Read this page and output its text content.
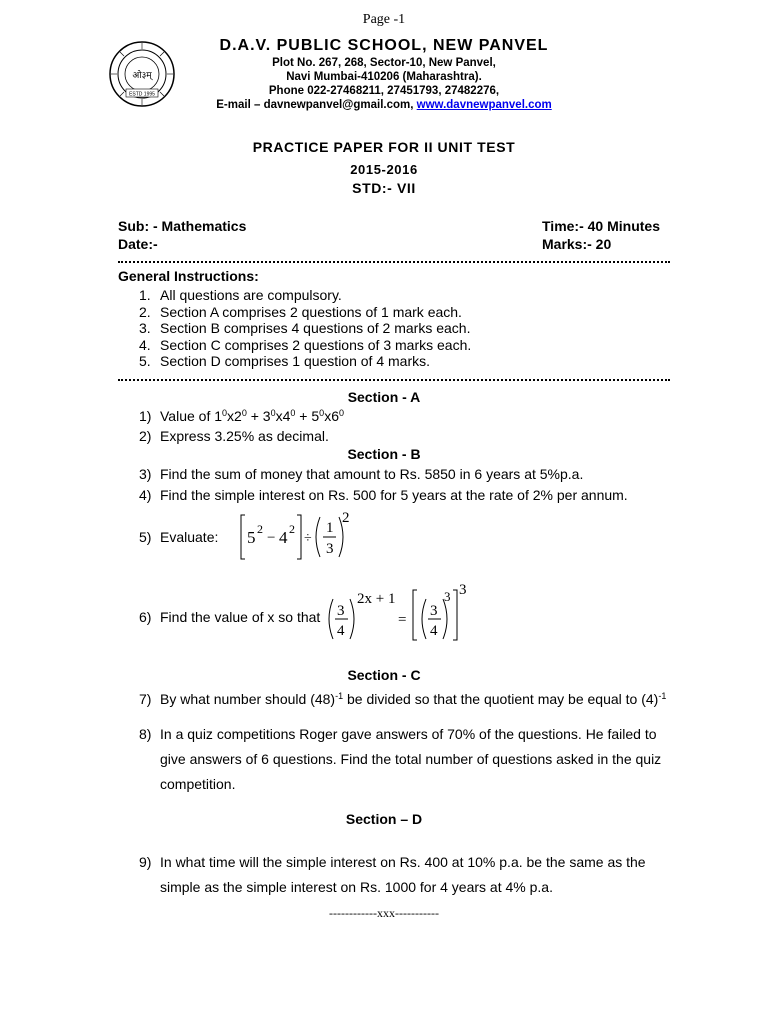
Page -1
ESTD 1995
ओ३म्
D.A.V. PUBLIC SCHOOL, NEW PANVEL
Plot No. 267, 268, Sector-10, New Panvel,
Navi Mumbai-410206 (Maharashtra).
Phone 022-27468211, 27451793, 27482276,
E-mail – davnewpanvel@gmail.com, www.davnewpanvel.com
PRACTICE PAPER FOR II UNIT TEST
2015-2016
STD:- VII
Sub: - Mathematics	Time:- 40 Minutes
Date:-	Marks:- 20
General Instructions:
1. All questions are compulsory.
2. Section A comprises 2 questions of 1 mark each.
3. Section B comprises 4 questions of 2 marks each.
4. Section C comprises 2 questions of 3 marks each.
5. Section D comprises 1 question of 4 marks.
Section - A
1) Value of $1^0x2^0 + 3^0x4^0 + 5^0x6^0$
2) Express 3.25% as decimal.
Section - B
3) Find the sum of money that amount to Rs. 5850 in 6 years at 5%p.a.
4) Find the simple interest on Rs. 500 for 5 years at the rate of 2% per annum.
5) Evaluate: 5 2
− 4 2
÷
1
3
2
6) Find the value of x so that 3
4
2x + 1
=
3
4
3 3
Section - C
7) By what number should $(48)^{-1}$ be divided so that the quotient may be equal to $(4)^{-1}$
8) In a quiz competitions Roger gave answers of 70% of the questions. He failed to
give answers of 6 questions. Find the total number of questions asked in the quiz
competition.
Section – D
9) In what time will the simple interest on Rs. 400 at 10% p.a. be the same as the
simple as the simple interest on Rs. 1000 for 4 years at 4% p.a.
------------xxx-----------
